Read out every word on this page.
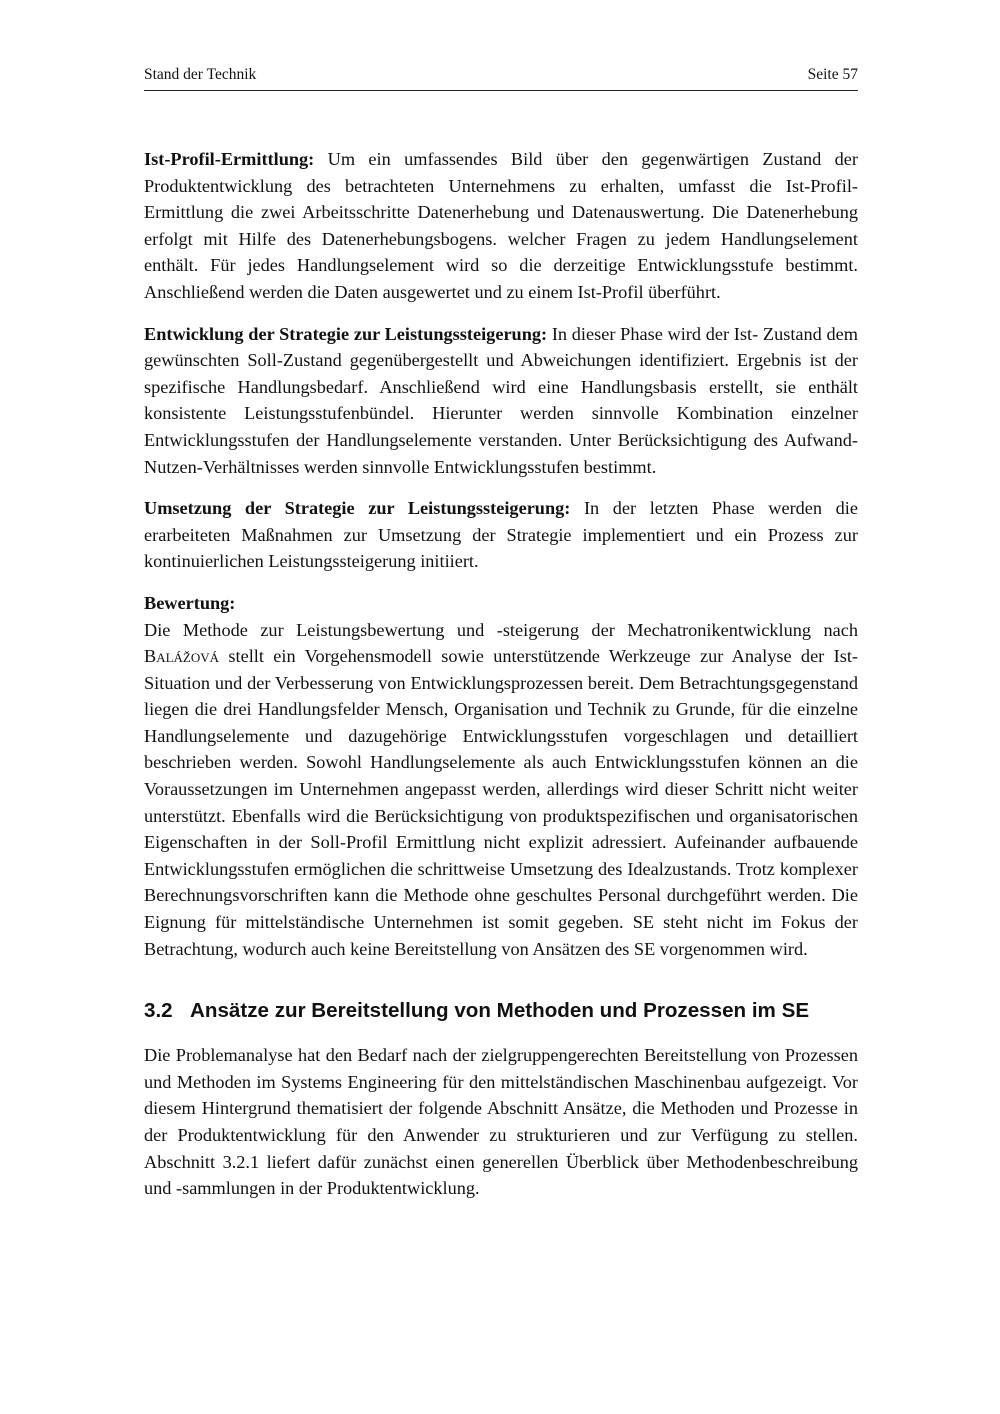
Stand der Technik	Seite 57

Ist-Profil-Ermittlung: Um ein umfassendes Bild über den gegenwärtigen Zustand der Produktentwicklung des betrachteten Unternehmens zu erhalten, umfasst die Ist-Profil-Ermittlung die zwei Arbeitsschritte Datenerhebung und Datenauswertung. Die Datenerhebung erfolgt mit Hilfe des Datenerhebungsbogens. welcher Fragen zu jedem Handlungselement enthält. Für jedes Handlungselement wird so die derzeitige Entwicklungsstufe bestimmt. Anschließend werden die Daten ausgewertet und zu einem Ist-Profil überführt.

Entwicklung der Strategie zur Leistungssteigerung: In dieser Phase wird der Ist- Zustand dem gewünschten Soll-Zustand gegenübergestellt und Abweichungen identifiziert. Ergebnis ist der spezifische Handlungsbedarf. Anschließend wird eine Handlungsbasis erstellt, sie enthält konsistente Leistungsstufenbündel. Hierunter werden sinnvolle Kombination einzelner Entwicklungsstufen der Handlungselemente verstanden. Unter Berücksichtigung des Aufwand-Nutzen-Verhältnisses werden sinnvolle Entwicklungsstufen bestimmt.

Umsetzung der Strategie zur Leistungssteigerung: In der letzten Phase werden die erarbeiteten Maßnahmen zur Umsetzung der Strategie implementiert und ein Prozess zur kontinuierlichen Leistungssteigerung initiiert.

Bewertung:
Die Methode zur Leistungsbewertung und -steigerung der Mechatronikentwicklung nach Balážová stellt ein Vorgehensmodell sowie unterstützende Werkzeuge zur Analyse der Ist-Situation und der Verbesserung von Entwicklungsprozessen bereit. Dem Betrachtungsgegenstand liegen die drei Handlungsfelder Mensch, Organisation und Technik zu Grunde, für die einzelne Handlungselemente und dazugehörige Entwicklungsstufen vorgeschlagen und detailliert beschrieben werden. Sowohl Handlungselemente als auch Entwicklungsstufen können an die Voraussetzungen im Unternehmen angepasst werden, allerdings wird dieser Schritt nicht weiter unterstützt. Ebenfalls wird die Berücksichtigung von produktspezifischen und organisatorischen Eigenschaften in der Soll-Profil Ermittlung nicht explizit adressiert. Aufeinander aufbauende Entwicklungsstufen ermöglichen die schrittweise Umsetzung des Idealzustands. Trotz komplexer Berechnungsvorschriften kann die Methode ohne geschultes Personal durchgeführt werden. Die Eignung für mittelständische Unternehmen ist somit gegeben. SE steht nicht im Fokus der Betrachtung, wodurch auch keine Bereitstellung von Ansätzen des SE vorgenommen wird.

3.2 Ansätze zur Bereitstellung von Methoden und Prozessen im SE

Die Problemanalyse hat den Bedarf nach der zielgruppengerechten Bereitstellung von Prozessen und Methoden im Systems Engineering für den mittelständischen Maschinenbau aufgezeigt. Vor diesem Hintergrund thematisiert der folgende Abschnitt Ansätze, die Methoden und Prozesse in der Produktentwicklung für den Anwender zu strukturieren und zur Verfügung zu stellen. Abschnitt 3.2.1 liefert dafür zunächst einen generellen Überblick über Methodenbeschreibung und -sammlungen in der Produktentwicklung.
